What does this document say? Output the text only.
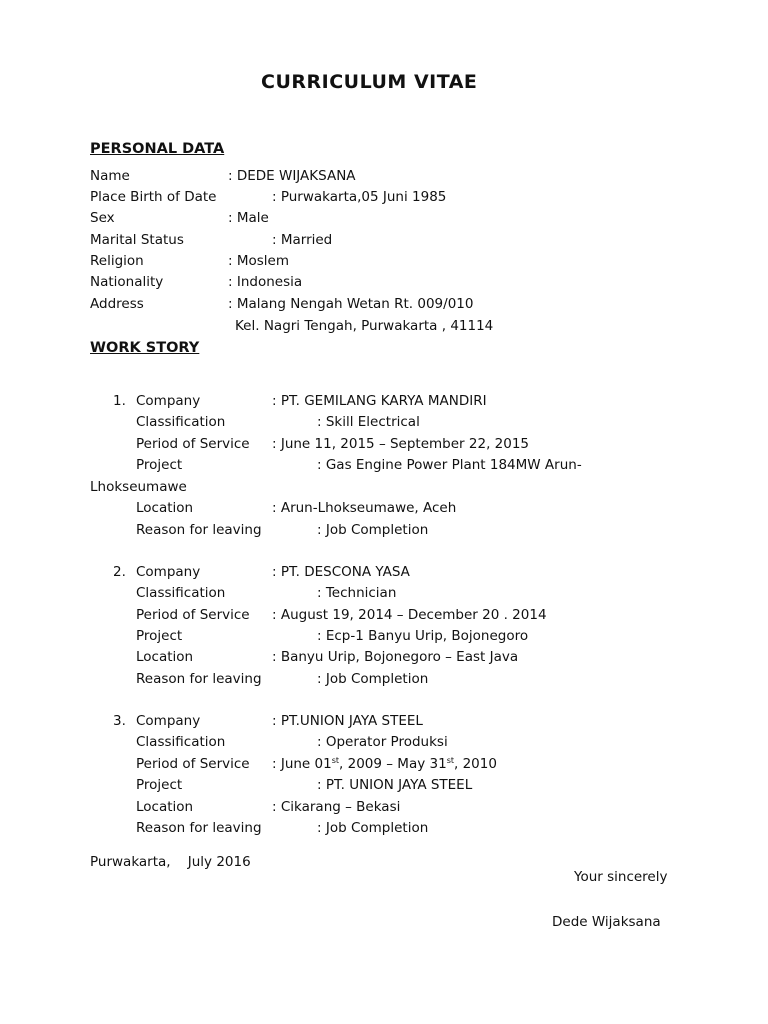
CURRICULUM VITAE
PERSONAL DATA
Name	: DEDE WIJAKSANA
Place Birth of Date	: Purwakarta,05 Juni 1985
Sex	: Male
Marital Status	: Married
Religion	: Moslem
Nationality	: Indonesia
Address	: Malang Nengah Wetan Rt. 009/010
Kel. Nagri Tengah, Purwakarta , 41114
WORK STORY
1. Company	: PT. GEMILANG KARYA MANDIRI
Classification	: Skill Electrical
Period of Service : June 11, 2015 – September 22, 2015
Project	: Gas Engine Power Plant 184MW Arun-
Lhokseumawe
Location	: Arun-Lhokseumawe, Aceh
Reason for leaving	: Job Completion
2. Company	: PT. DESCONA YASA
Classification	: Technician
Period of Service : August 19, 2014 – December 20 . 2014
Project	: Ecp-1 Banyu Urip, Bojonegoro
Location	: Banyu Urip, Bojonegoro – East Java
Reason for leaving	: Job Completion
3. Company	: PT.UNION JAYA STEEL
Classification	: Operator Produksi
Period of Service : June 01st, 2009 – May 31st, 2010
Project	: PT. UNION JAYA STEEL
Location	: Cikarang – Bekasi
Reason for leaving	: Job Completion
Purwakarta,    July 2016
Your sincerely
Dede Wijaksana
